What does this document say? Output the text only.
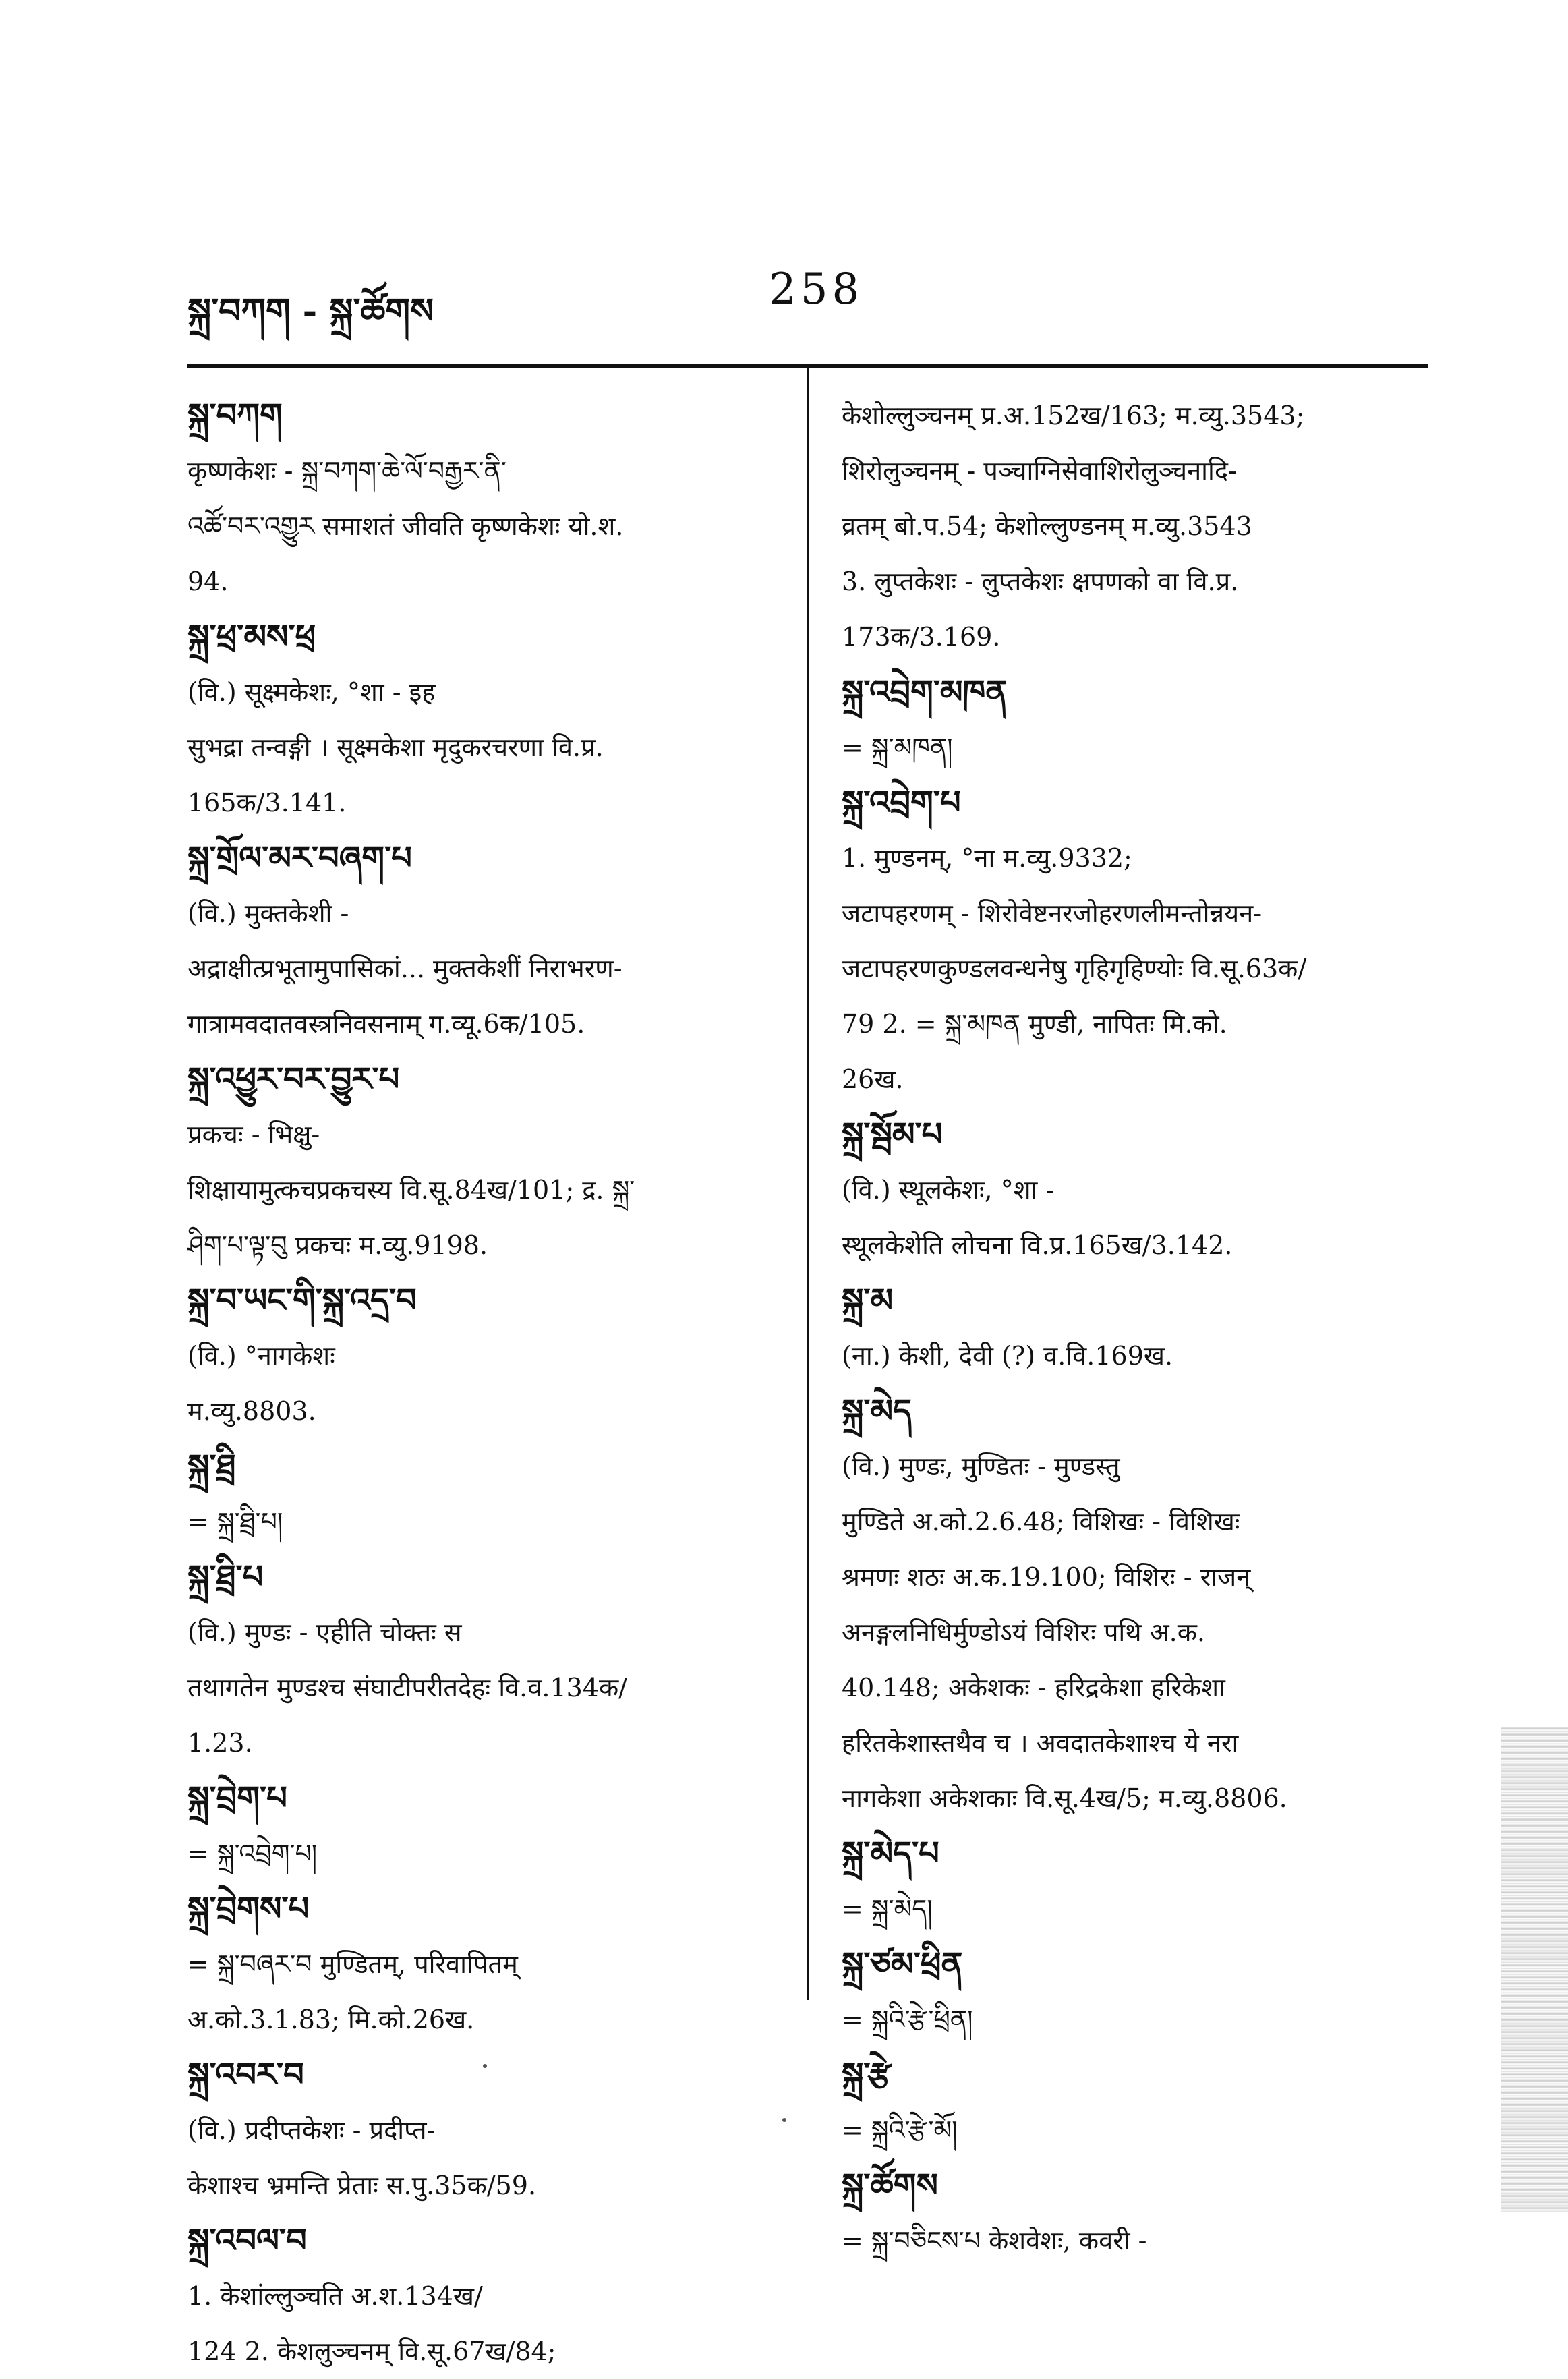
སྐྲ་བཀག - སྐྲ་ཚོགས	258
སྐྲ་བཀག
कृष्णकेशः - སྐྲ་བཀག་ཆེ་ལོ་བརྒྱར་ནི་
འཚོ་བར་འགྱུར समाशतं जीवति कृष्णकेशः यो.श.
94.
སྐྲ་ཕྲ་མས་ཕྲ
(वि.) सूक्ष्मकेशः, °शा - इह
सुभद्रा तन्वङ्गी । सूक्ष्मकेशा मृदुकरचरणा वि.प्र.
165क/3.141.
སྐྲ་གྲོལ་མར་བཞག་པ
(वि.) मुक्तकेशी -
अद्राक्षीत्प्रभूतामुपासिकां... मुक्तकेशीं निराभरण-
गात्रामवदातवस्त्रनिवसनाम् ग.व्यू.6क/105.
སྐྲ་འཕྱུར་བར་བྱུར་པ
प्रकचः - भिक्षु-
शिक्षायामुत्कचप्रकचस्य वि.सू.84ख/101; द्र. སྐྲ་
ཤིག་པ་ལྟ་བུ प्रकचः म.व्यु.9198.
སྐྲ་བ་ཡང་གི་སྐྲ་འདྲ་བ
(वि.) °नागकेशः
म.व्यु.8803.
སྐྲ་ཐྲི
= སྐྲ་ཐྲི་པ།
སྐྲ་ཐྲི་པ
(वि.) मुण्डः - एहीति चोक्तः स
तथागतेन मुण्डश्च संघाटीपरीतदेहः वि.व.134क/
1.23.
སྐྲ་བྲེག་པ
= སྐྲ་འབྲེག་པ།
སྐྲ་བྲེགས་པ
= སྐྲ་བཞར་བ मुण्डितम्, परिवापितम्
अ.को.3.1.83; मि.को.26ख.
སྐྲ་འབར་བ
(वि.) प्रदीप्तकेशः - प्रदीप्त-
केशाश्च भ्रमन्ति प्रेताः स.पु.35क/59.
སྐྲ་འབལ་བ
1. केशांल्लुञ्चति अ.श.134ख/
124 2. केशलुञ्चनम् वि.सू.67ख/84;
केशोल्लुञ्चनम् प्र.अ.152ख/163; म.व्यु.3543;
शिरोलुञ्चनम् - पञ्चाग्निसेवाशिरोलुञ्चनादि-
व्रतम् बो.प.54; केशोल्लुण्डनम् म.व्यु.3543
3. लुप्तकेशः - लुप्तकेशः क्षपणको वा वि.प्र.
173क/3.169.
སྐྲ་འབྲེག་མཁན
= སྐྲ་མཁན།
སྐྲ་འབྲེག་པ
1. मुण्डनम्, °ना म.व्यु.9332;
जटापहरणम् - शिरोवेष्टनरजोहरणलीमन्तोन्नयन-
जटापहरणकुण्डलवन्धनेषु गृहिगृहिण्योः वि.सू.63क/
79 2. = སྐྲ་མཁན मुण्डी, नापितः मि.को.
26ख.
སྐྲ་སྦོམ་པ
(वि.) स्थूलकेशः, °शा -
स्थूलकेशेति लोचना वि.प्र.165ख/3.142.
སྐྲ་མ
(ना.) केशी, देवी (?) व.वि.169ख.
སྐྲ་མེད
(वि.) मुण्डः, मुण्डितः - मुण्डस्तु
मुण्डिते अ.को.2.6.48; विशिखः - विशिखः
श्रमणः शठः अ.क.19.100; विशिरः - राजन्
अनङ्गलनिधिर्मुण्डोऽयं विशिरः पथि अ.क.
40.148; अकेशकः - हरिद्रकेशा हरिकेशा
हरितकेशास्तथैव च । अवदातकेशाश्च ये नरा
नागकेशा अकेशकाः वि.सू.4ख/5; म.व्यु.8806.
སྐྲ་མེད་པ
= སྐྲ་མེད།
སྐྲ་ཙམ་ཕྲིན
= སྐྲའི་རྩེ་ཕྲིན།
སྐྲ་རྩེ
= སྐྲའི་རྩེ་མོ།
སྐྲ་ཚོགས
= སྐྲ་བཅིངས་པ केशवेशः, कवरी -
